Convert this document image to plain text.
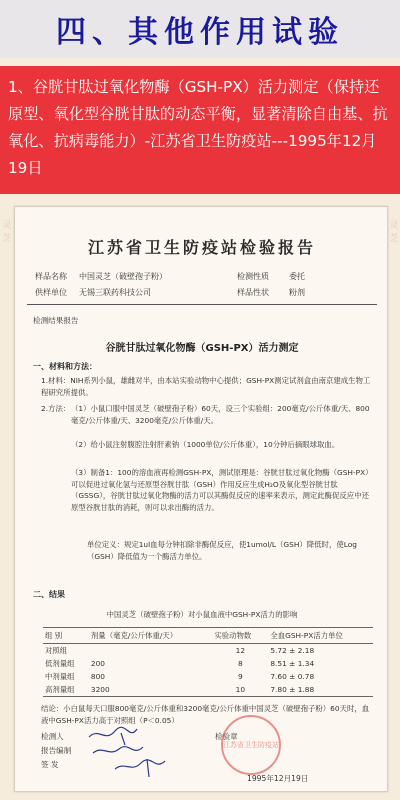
四、其他作用试验
1、谷胱甘肽过氧化物酶（GSH-PX）活力测定（保持还原型、氧化型谷胱甘肽的动态平衡，显著清除自由基、抗氧化、抗病毒能力）-江苏省卫生防疫站---1995年12月19日
灵芝
灵芝
江苏省卫生防疫站检验报告
样品名称 中国灵芝（破壁孢子粉）	检测性质	委托
供样单位 无锡三联药科技公司	样品性状	粉剂
检测结果报告
谷胱甘肽过氧化物酶（GSH-PX）活力测定
一、材料和方法：
1.材料：NIH系列小鼠，雄雌对半，由本站实验动物中心提供；GSH-PX测定试剂盒由南京建成生物工程研究所提供。
2.方法： （1）小鼠口服中国灵芝（破壁孢子粉）60天，设三个实验组：200毫克/公斤体重/天、800毫克/公斤体重/天、3200毫克/公斤体重/天。
（2）给小鼠注射腹腔注射肝素钠（1000单位/公斤体重），10分钟后摘眼球取血。
（3）制备1：100的溶血液再检测GSH-PX，测试原理是：谷胱甘肽过氧化物酶（GSH-PX）可以促进过氧化氢与还原型谷胱甘肽（GSH）作用反应生成H₂O及氧化型谷胱甘肽（GSSG），谷胱甘肽过氧化物酶的活力可以其酶促反应的速率来表示，测定此酶促反应中还原型谷胱甘肽的消耗，则可以求出酶的活力。
单位定义：规定1ul血每分钟扣除非酶促反应，使1umol/L（GSH）降低时，使Log（GSH）降低值为一个酶活力单位。
二、结果
中国灵芝（破壁孢子粉）对小鼠血液中GSH-PX活力的影响
组 别	剂量（毫克/公斤体重/天）	实验动物数	全血GSH-PX活力单位
对照组		12	5.72 ± 2.18
低剂量组	200	8	8.51 ± 1.34
中剂量组	800	9	7.60 ± 0.78
高剂量组	3200	10	7.80 ± 1.88
结论：小白鼠每天口服800毫克/公斤体重和3200毫克/公斤体重中国灵芝（破壁孢子粉）60天时，血液中GSH-PX活力高于对照组（P＜0.05）
检测人
报告编制
签 发
检验章
江苏省卫生防疫站
1995年12月19日
